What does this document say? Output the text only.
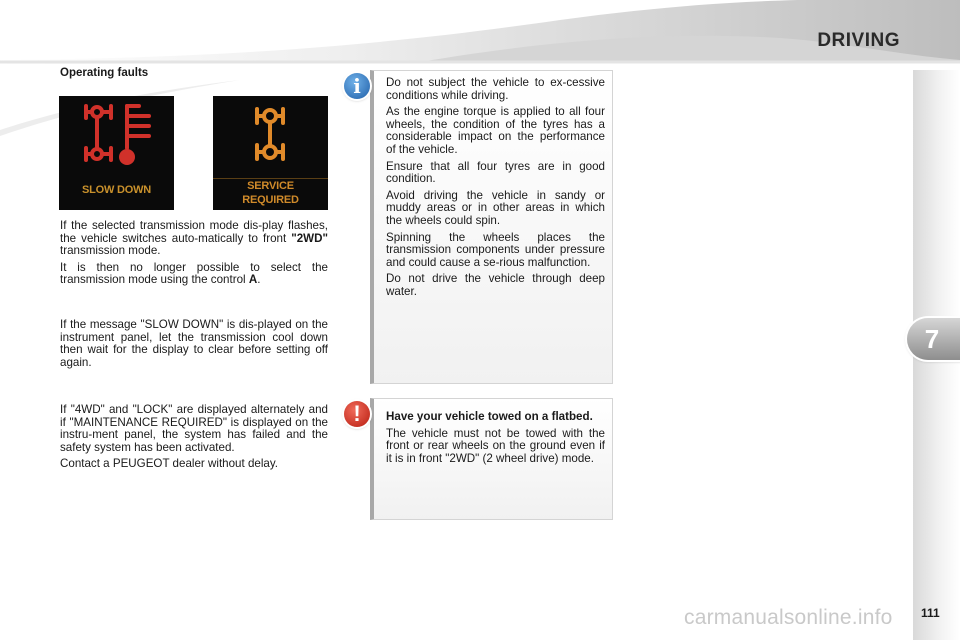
DRIVING
7
111
Operating faults
SLOW DOWN	SERVICE
REQUIRED

If the selected transmission mode dis-play flashes, the vehicle switches auto-matically to front "2WD" transmission mode.

It is then no longer possible to select the transmission mode using the control A.

If the message "SLOW DOWN" is dis-played on the instrument panel, let the transmission cool down then wait for the display to clear before setting off again.

If "4WD" and "LOCK" are displayed alternately and if "MAINTENANCE REQUIRED" is displayed on the instru-ment panel, the system has failed and the safety system has been activated.

Contact a PEUGEOT dealer without delay.

Do not subject the vehicle to ex-cessive conditions while driving.

As the engine torque is applied to all four wheels, the condition of the tyres has a considerable impact on the performance of the vehicle.

Ensure that all four tyres are in good condition.

Avoid driving the vehicle in sandy or muddy areas or in other areas in which the wheels could spin.

Spinning the wheels places the transmission components under pressure and could cause a se-rious malfunction.

Do not drive the vehicle through deep water.

i

Have your vehicle towed on a flatbed.

The vehicle must not be towed with the front or rear wheels on the ground even if it is in front "2WD" (2 wheel drive) mode.

!
carmanualsonline.info
